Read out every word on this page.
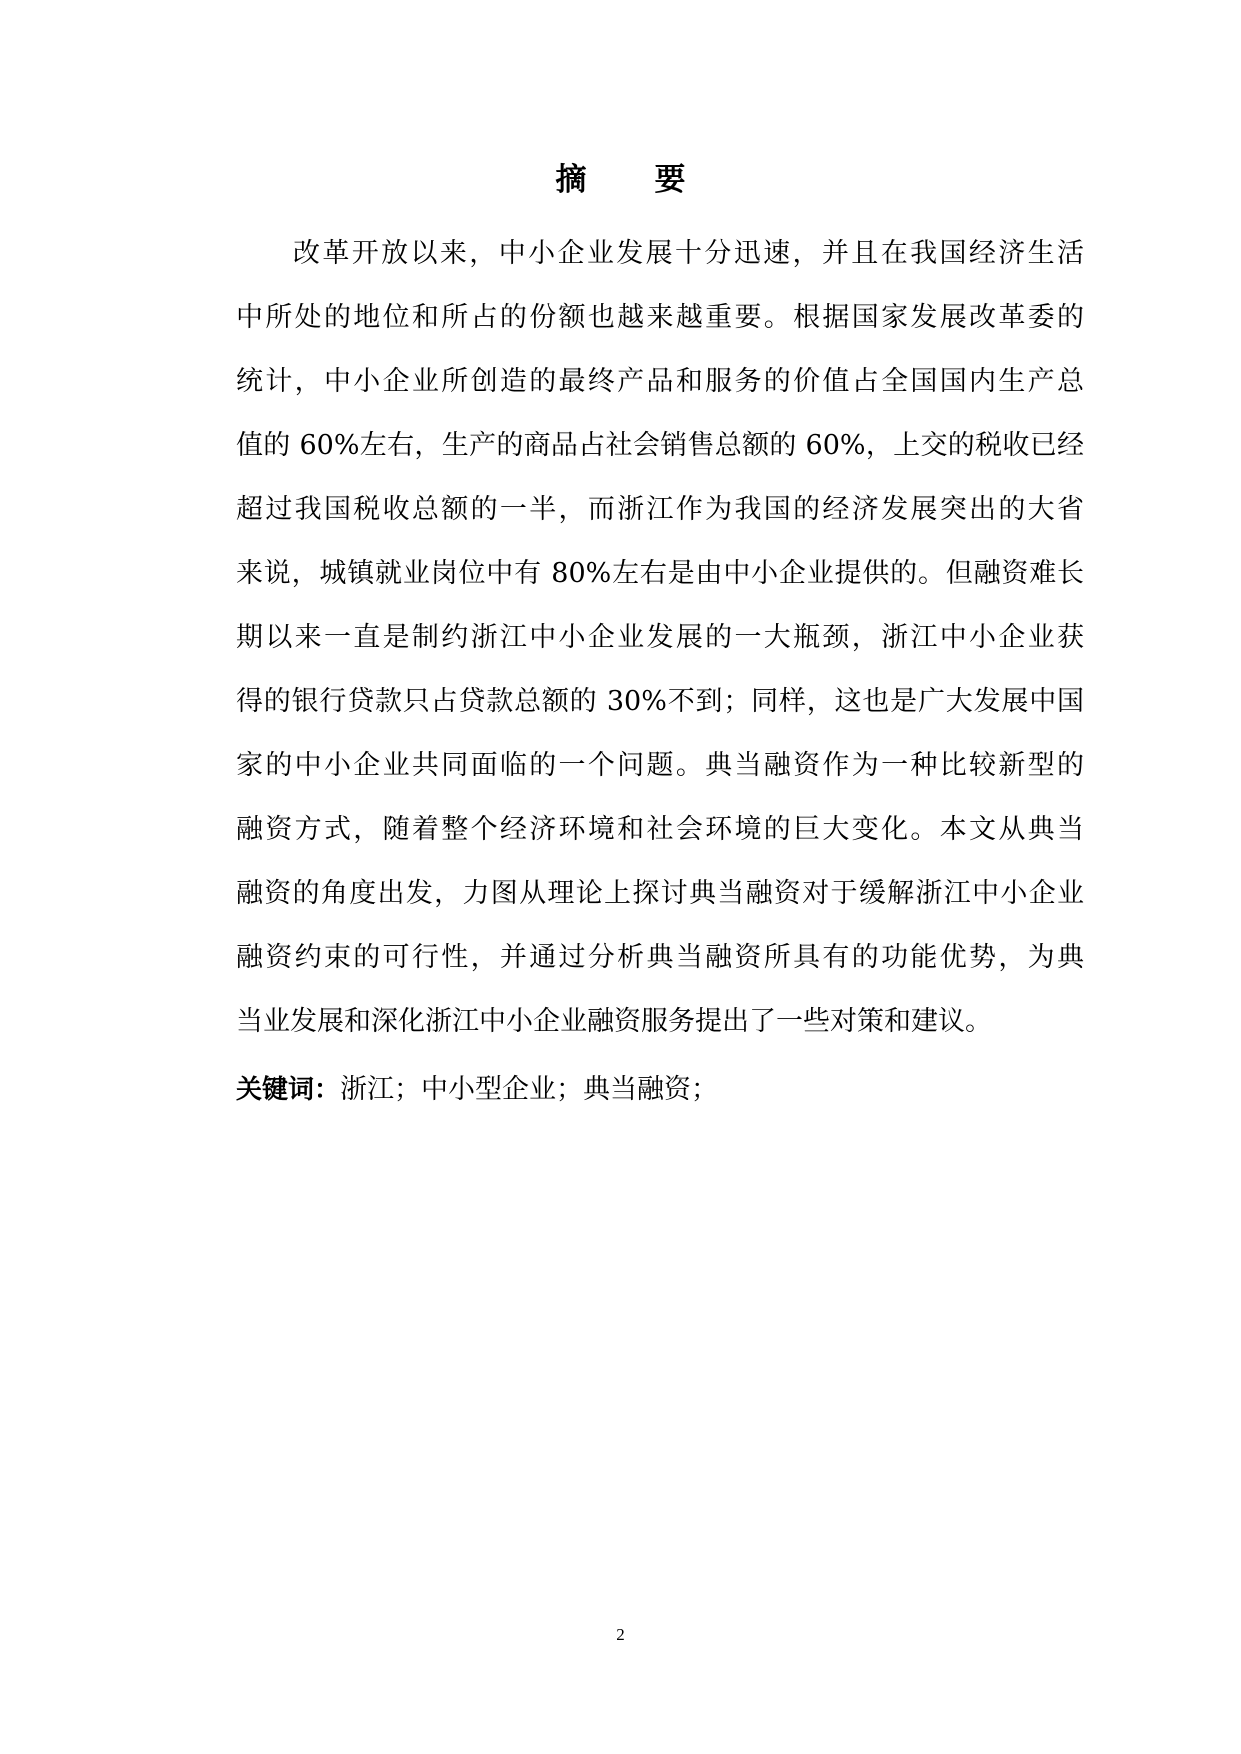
摘 要
改革开放以来，中小企业发展十分迅速，并且在我国经济生活
中所处的地位和所占的份额也越来越重要。根据国家发展改革委的
统计，中小企业所创造的最终产品和服务的价值占全国国内生产总
值的 60%左右，生产的商品占社会销售总额的 60%，上交的税收已经
超过我国税收总额的一半，而浙江作为我国的经济发展突出的大省
来说，城镇就业岗位中有 80%左右是由中小企业提供的。但融资难长
期以来一直是制约浙江中小企业发展的一大瓶颈，浙江中小企业获
得的银行贷款只占贷款总额的 30%不到；同样，这也是广大发展中国
家的中小企业共同面临的一个问题。典当融资作为一种比较新型的
融资方式，随着整个经济环境和社会环境的巨大变化。本文从典当
融资的角度出发，力图从理论上探讨典当融资对于缓解浙江中小企业
融资约束的可行性，并通过分析典当融资所具有的功能优势，为典
当业发展和深化浙江中小企业融资服务提出了一些对策和建议。
关键词：浙江；中小型企业；典当融资；
2
